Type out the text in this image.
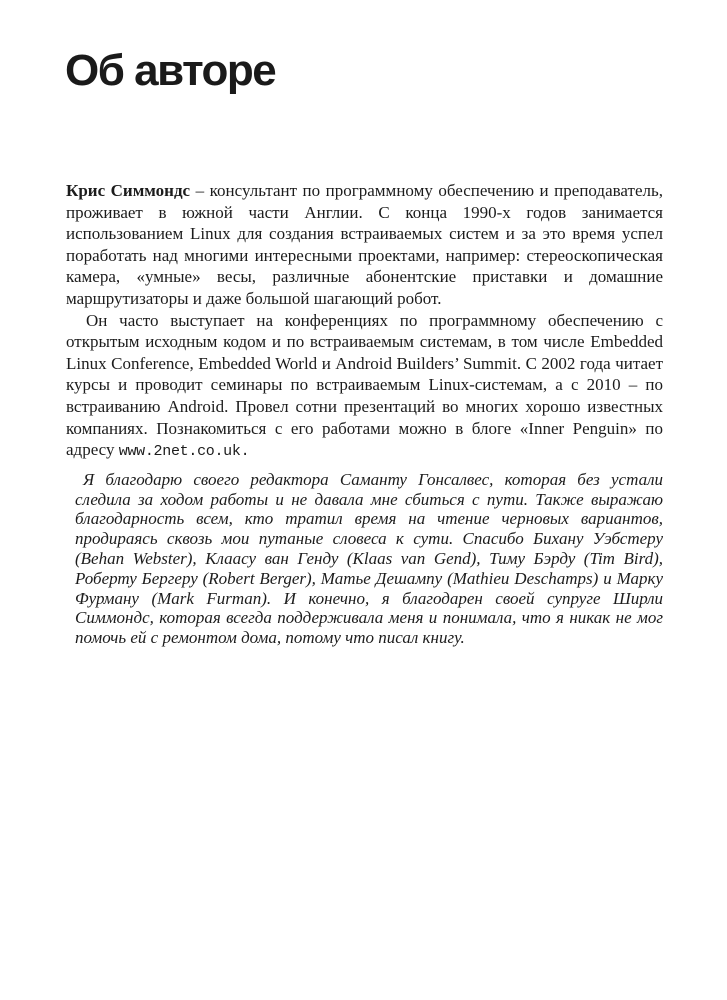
Об авторе

Крис Симмондс – консультант по программному обеспечению и преподаватель, проживает в южной части Англии. С конца 1990-х годов занимается использованием Linux для создания встраиваемых систем и за это время успел поработать над многими интересными проектами, например: стереоскопическая камера, «умные» весы, различные абонентские приставки и домашние маршрутизаторы и даже большой шагающий робот.

Он часто выступает на конференциях по программному обеспечению с открытым исходным кодом и по встраиваемым системам, в том числе Embedded Linux Conference, Embedded World и Android Builders’ Summit. С 2002 года читает курсы и проводит семинары по встраиваемым Linux-системам, а с 2010 – по встраиванию Android. Провел сотни презентаций во многих хорошо известных компаниях. Познакомиться с его работами можно в блоге «Inner Penguin» по адресу www.2net.co.uk.

Я благодарю своего редактора Саманту Гонсалвес, которая без устали следила за ходом работы и не давала мне сбиться с пути. Также выражаю благодарность всем, кто тратил время на чтение черновых вариантов, продираясь сквозь мои путаные словеса к сути. Спасибо Бихану Уэбстеру (Behan Webster), Клаасу ван Генду (Klaas van Gend), Тиму Бэрду (Tim Bird), Роберту Бергеру (Robert Berger), Матье Дешампу (Mathieu Deschamps) и Марку Фурману (Mark Furman). И конечно, я благодарен своей супруге Ширли Симмондс, которая всегда поддерживала меня и понимала, что я никак не мог помочь ей с ремонтом дома, потому что писал книгу.
